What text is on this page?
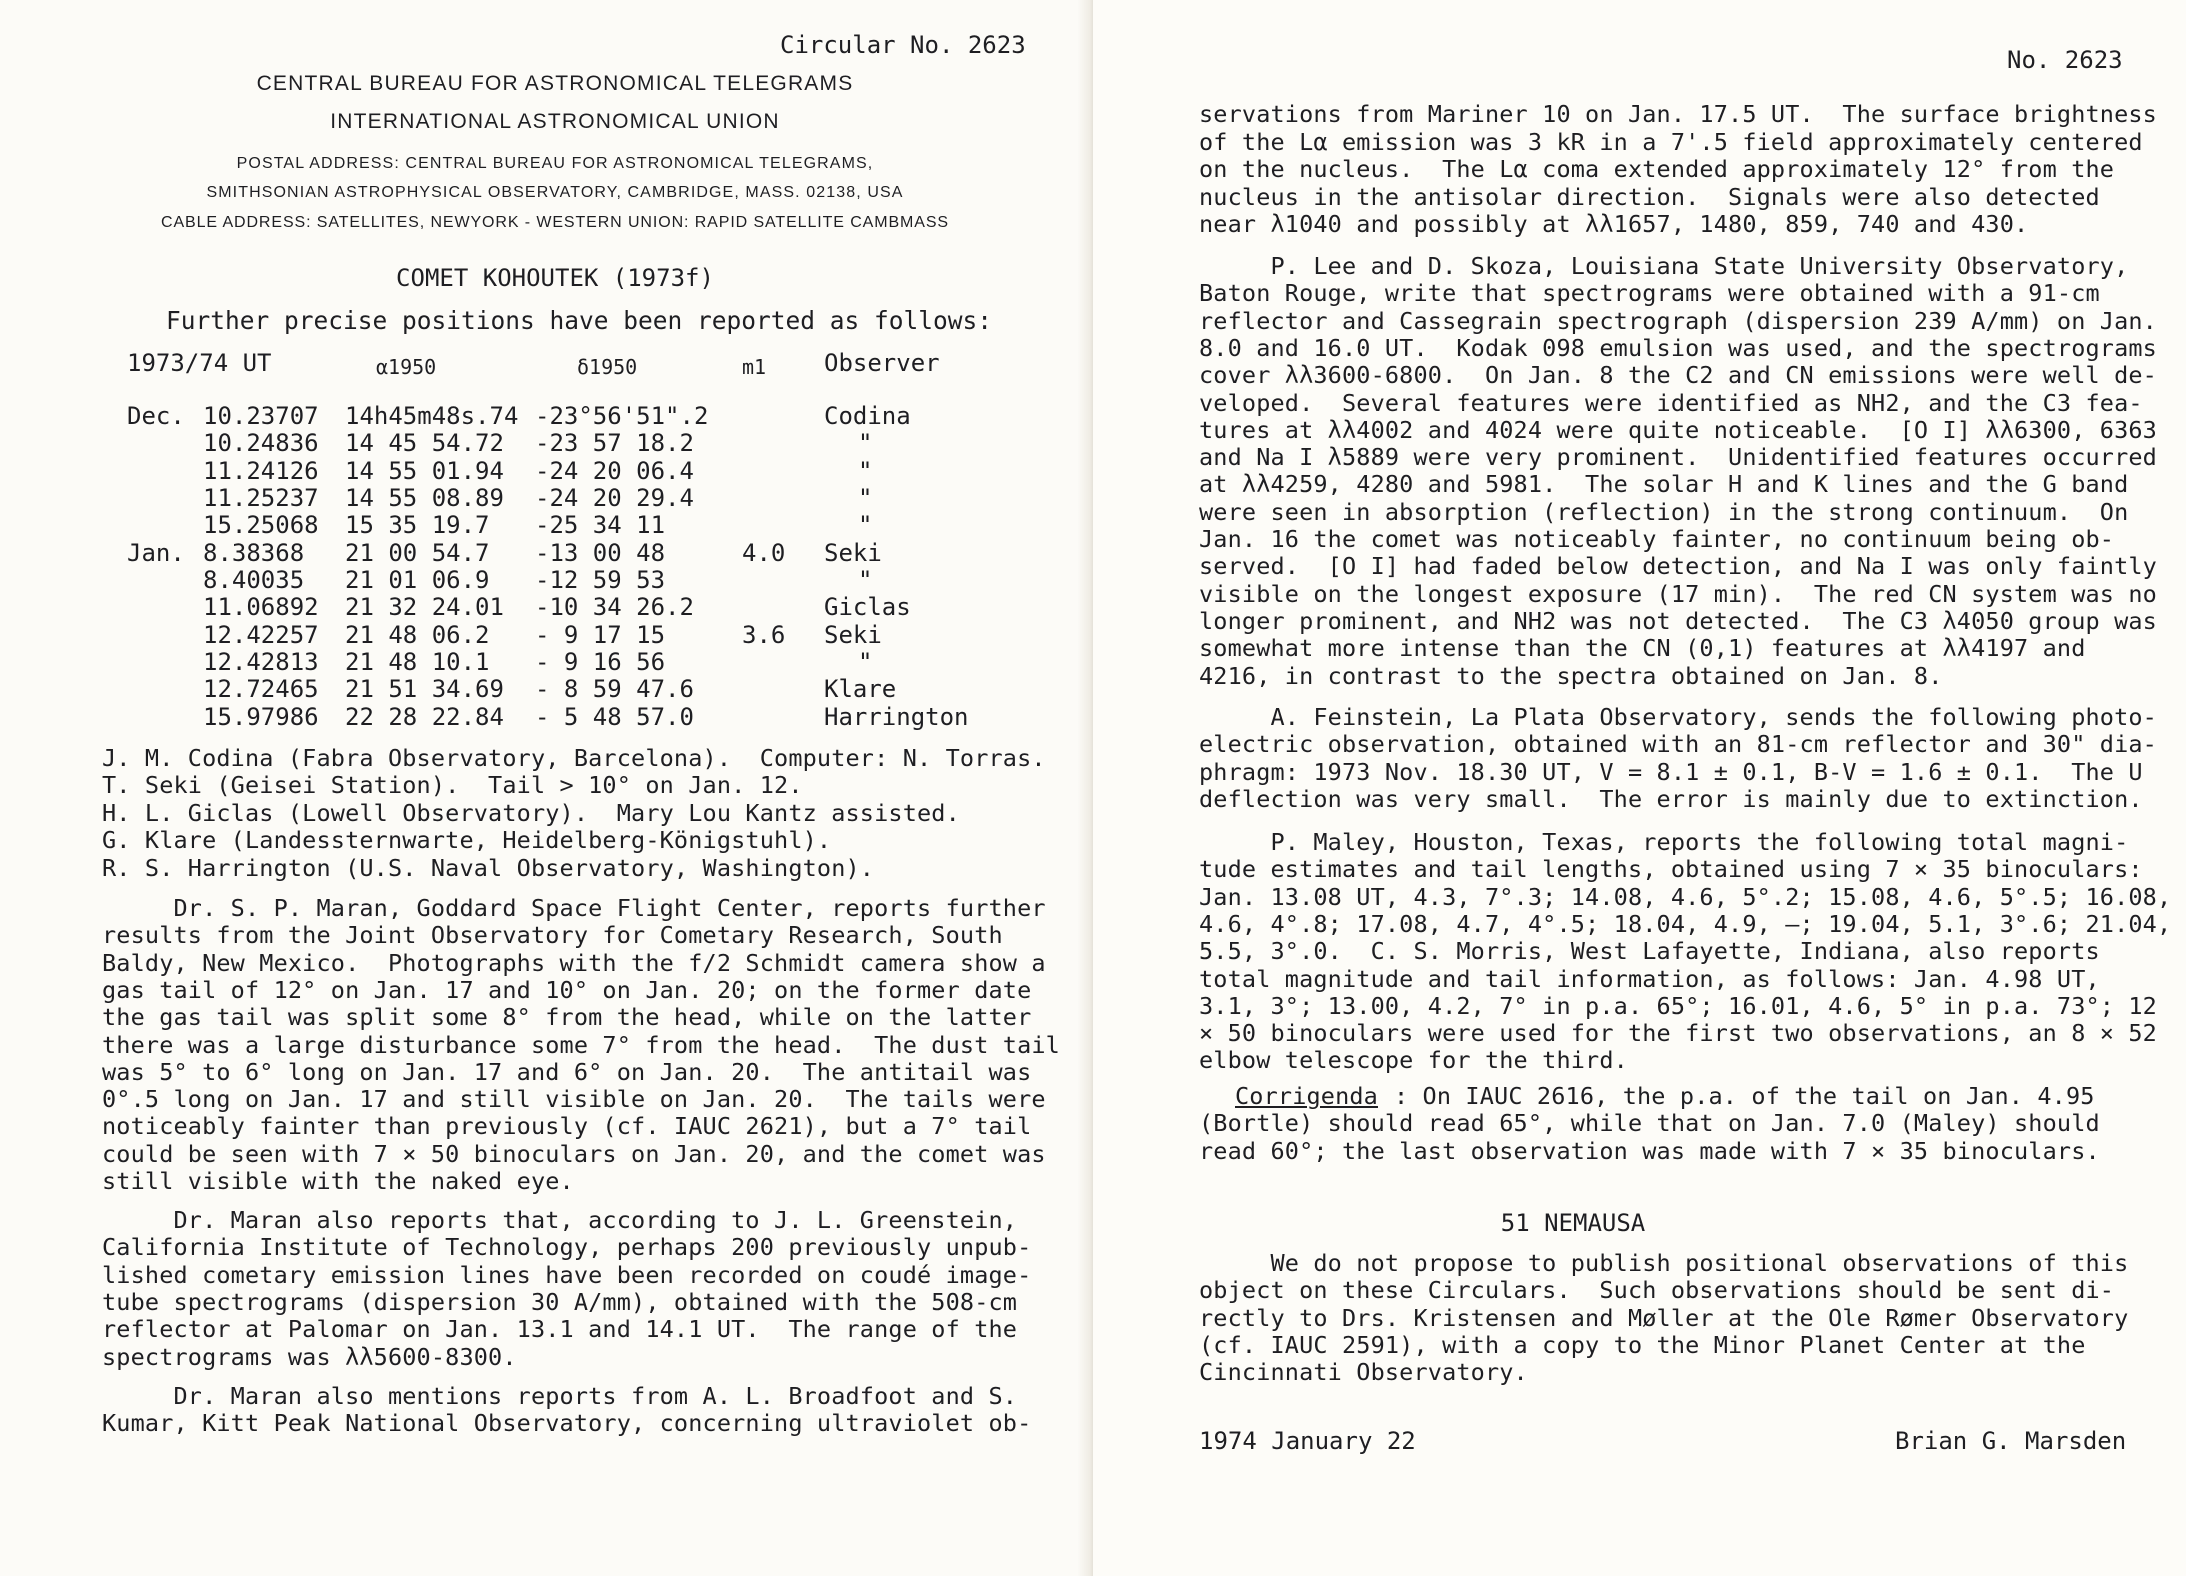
Circular No. 2623
CENTRAL BUREAU FOR ASTRONOMICAL TELEGRAMS
INTERNATIONAL ASTRONOMICAL UNION
POSTAL ADDRESS: CENTRAL BUREAU FOR ASTRONOMICAL TELEGRAMS,
SMITHSONIAN ASTROPHYSICAL OBSERVATORY, CAMBRIDGE, MASS. 02138, USA
CABLE ADDRESS: SATELLITES, NEWYORK - WESTERN UNION: RAPID SATELLITE CAMBMASS
COMET KOHOUTEK (1973f)
Further precise positions have been reported as follows:
1973/74 UT	α1950	δ1950	m1 Observer
Dec. 10.23707 14h45m48s.74 -23°56'51".2	Codina
10.24836 14 45 54.72 -23 57 18.2	"
11.24126 14 55 01.94 -24 20 06.4	"
11.25237 14 55 08.89 -24 20 29.4	"
15.25068 15 35 19.7 -25 34 11	"
Jan. 8.38368 21 00 54.7 -13 00 48	4.0 Seki
8.40035 21 01 06.9 -12 59 53	"
11.06892 21 32 24.01 -10 34 26.2	Giclas
12.42257 21 48 06.2 - 9 17 15	3.6 Seki
12.42813 21 48 10.1 - 9 16 56	"
12.72465 21 51 34.69 - 8 59 47.6	Klare
15.97986 22 28 22.84 - 5 48 57.0	Harrington
J. M. Codina (Fabra Observatory, Barcelona).  Computer: N. Torras.
T. Seki (Geisei Station).  Tail > 10° on Jan. 12.
H. L. Giclas (Lowell Observatory).  Mary Lou Kantz assisted.
G. Klare (Landessternwarte, Heidelberg-Königstuhl).
R. S. Harrington (U.S. Naval Observatory, Washington).
Dr. S. P. Maran, Goddard Space Flight Center, reports further
results from the Joint Observatory for Cometary Research, South
Baldy, New Mexico.  Photographs with the f/2 Schmidt camera show a
gas tail of 12° on Jan. 17 and 10° on Jan. 20; on the former date
the gas tail was split some 8° from the head, while on the latter
there was a large disturbance some 7° from the head.  The dust tail
was 5° to 6° long on Jan. 17 and 6° on Jan. 20.  The antitail was
0°.5 long on Jan. 17 and still visible on Jan. 20.  The tails were
noticeably fainter than previously (cf. IAUC 2621), but a 7° tail
could be seen with 7 × 50 binoculars on Jan. 20, and the comet was
still visible with the naked eye.
Dr. Maran also reports that, according to J. L. Greenstein,
California Institute of Technology, perhaps 200 previously unpub-
lished cometary emission lines have been recorded on coudé image-
tube spectrograms (dispersion 30 A/mm), obtained with the 508-cm
reflector at Palomar on Jan. 13.1 and 14.1 UT.  The range of the
spectrograms was λλ5600-8300.
Dr. Maran also mentions reports from A. L. Broadfoot and S.
Kumar, Kitt Peak National Observatory, concerning ultraviolet ob-
No. 2623
servations from Mariner 10 on Jan. 17.5 UT.  The surface brightness
of the Lα emission was 3 kR in a 7'.5 field approximately centered
on the nucleus.  The Lα coma extended approximately 12° from the
nucleus in the antisolar direction.  Signals were also detected
near λ1040 and possibly at λλ1657, 1480, 859, 740 and 430.
P. Lee and D. Skoza, Louisiana State University Observatory,
Baton Rouge, write that spectrograms were obtained with a 91-cm
reflector and Cassegrain spectrograph (dispersion 239 A/mm) on Jan.
8.0 and 16.0 UT.  Kodak 098 emulsion was used, and the spectrograms
cover λλ3600-6800.  On Jan. 8 the C2 and CN emissions were well de-
veloped.  Several features were identified as NH2, and the C3 fea-
tures at λλ4002 and 4024 were quite noticeable.  [O I] λλ6300, 6363
and Na I λ5889 were very prominent.  Unidentified features occurred
at λλ4259, 4280 and 5981.  The solar H and K lines and the G band
were seen in absorption (reflection) in the strong continuum.  On
Jan. 16 the comet was noticeably fainter, no continuum being ob-
served.  [O I] had faded below detection, and Na I was only faintly
visible on the longest exposure (17 min).  The red CN system was no
longer prominent, and NH2 was not detected.  The C3 λ4050 group was
somewhat more intense than the CN (0,1) features at λλ4197 and
4216, in contrast to the spectra obtained on Jan. 8.
A. Feinstein, La Plata Observatory, sends the following photo-
electric observation, obtained with an 81-cm reflector and 30" dia-
phragm: 1973 Nov. 18.30 UT, V = 8.1 ± 0.1, B-V = 1.6 ± 0.1.  The U
deflection was very small.  The error is mainly due to extinction.
P. Maley, Houston, Texas, reports the following total magni-
tude estimates and tail lengths, obtained using 7 × 35 binoculars:
Jan. 13.08 UT, 4.3, 7°.3; 14.08, 4.6, 5°.2; 15.08, 4.6, 5°.5; 16.08,
4.6, 4°.8; 17.08, 4.7, 4°.5; 18.04, 4.9, —; 19.04, 5.1, 3°.6; 21.04,
5.5, 3°.0.  C. S. Morris, West Lafayette, Indiana, also reports
total magnitude and tail information, as follows: Jan. 4.98 UT,
3.1, 3°; 13.00, 4.2, 7° in p.a. 65°; 16.01, 4.6, 5° in p.a. 73°; 12
× 50 binoculars were used for the first two observations, an 8 × 52
elbow telescope for the third.
Corrigenda : On IAUC 2616, the p.a. of the tail on Jan. 4.95
(Bortle) should read 65°, while that on Jan. 7.0 (Maley) should
read 60°; the last observation was made with 7 × 35 binoculars.
51 NEMAUSA
We do not propose to publish positional observations of this
object on these Circulars.  Such observations should be sent di-
rectly to Drs. Kristensen and Møller at the Ole Rømer Observatory
(cf. IAUC 2591), with a copy to the Minor Planet Center at the
Cincinnati Observatory.
1974 January 22	Brian G. Marsden
